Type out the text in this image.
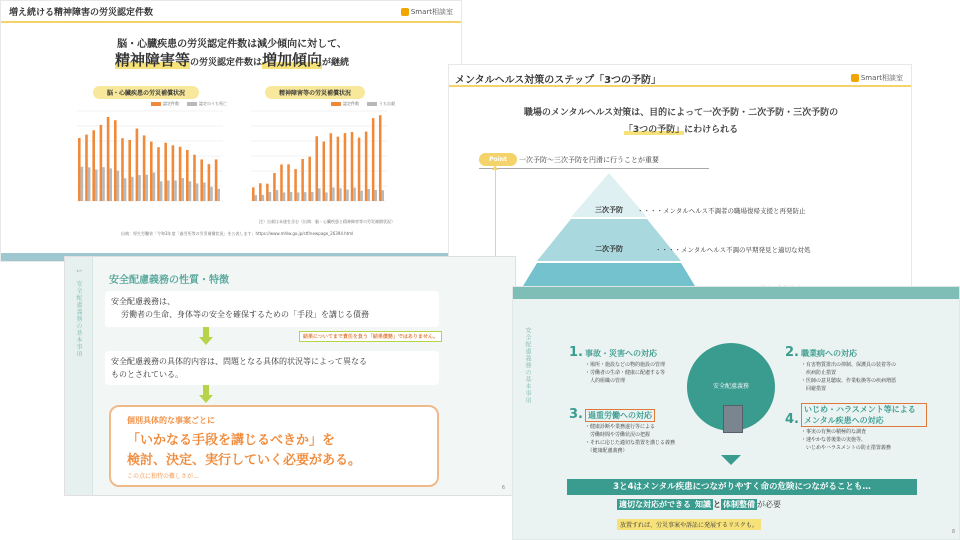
増え続ける精神障害の労災認定件数	Smart相談室
脳・心臓疾患の労災認定件数は減少傾向に対して、
精神障害等の労災認定件数は増加傾向が継続
脳・心臓疾患の労災補償状況	精神障害等の労災補償状況
認定件数	認定のうち死亡	認定件数	うち自殺
注）自殺は未遂を含む（出典：脳・心臓疾患と精神障害等の労災補償状況）
出典：厚生労働省「令和3年度「過労死等の労災補償状況」を公表します」https://www.mhlw.go.jp/stf/newpage_26394.html
メンタルヘルス対策のステップ「3つの予防」	Smart相談室
職場のメンタルヘルス対策は、目的によって一次予防・二次予防・三次予防の
「3つの予防」にわけられる
Point	一次予防～三次予防を円滑に行うことが重要
三次予防
二次予防
・・・・メンタルヘルス不調者の職場復帰支援と再発防止
・・・・メンタルヘルス不調の早期発見と適切な対処
1　安全配慮義務の基本事項	安全配慮義務の性質・特徴
安全配慮義務は、
労働者の生命、身体等の安全を確保するための「手段」を講じる債務
結果についてまで責任を負う「結果債務」ではありません。
安全配慮義務の具体的内容は、問題となる具体的状況等によって異なる
ものとされている。
個別具体的な事案ごとに
「いかなる手段を講じるべきか」を
検討、決定、実行していく必要がある。
この点に独特の難しさが…
6
安全配慮義務の基本事項	1. 事故・災害への対応
・場所・施設などの物的施設の管理
・労働者の生命・健康に配慮する等
　人的組織の管理
2. 職業病への対応
・有害物質排出の抑制、保護具の装着等の
　疾病防止措置
・医師の意見聴取、作業転換等の疾病増悪
　回避措置
3. 過重労働への対応
・健康診断や業務遂行等による
　労働時間や労働状況の把握
・それに応じた適切な措置を講じる義務
　（健康配慮義務）
4.いじめ・ハラスメント等による メンタル疾患への対応
・事実の有無の積極的な調査
・速やかな善後策の実施等、
　いじめやハラスメントの防止措置義務
安全配慮義務
3と4はメンタル疾患につながりやすく命の危険につながることも…
適切な対応ができる 知識 と 体制整備 が必要
放置すれば、労災事案や訴訟に発展するリスクも。
8
